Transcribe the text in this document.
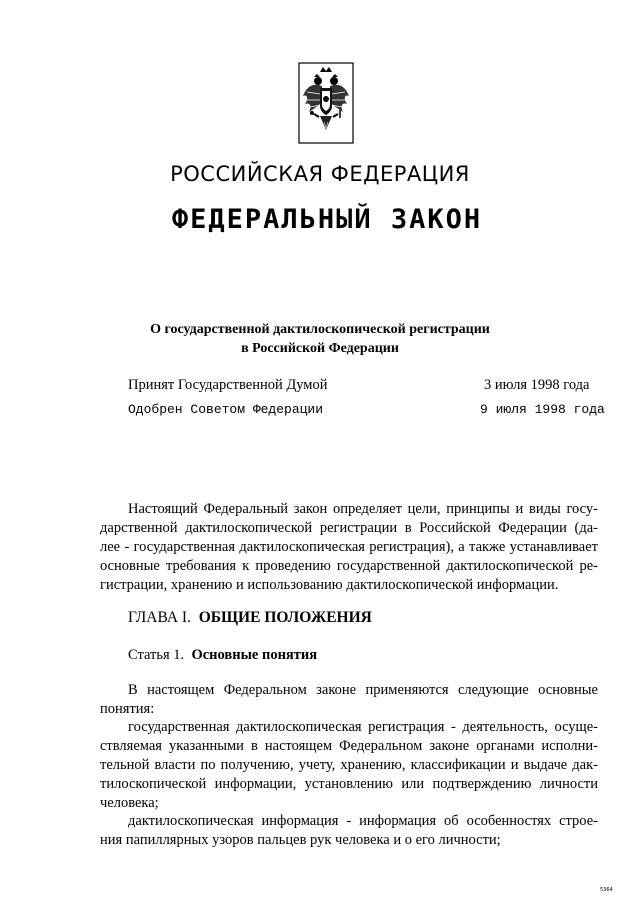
РОССИЙСКАЯ ФЕДЕРАЦИЯ
ФЕДЕРАЛЬНЫЙ ЗАКОН
О государственной дактилоскопической регистрации
в Российской Федерации
Принят Государственной Думой	3 июля 1998 года
Одобрен Советом Федерации	9 июля 1998 года
Настоящий Федеральный закон определяет цели, принципы и виды госу-
дарственной дактилоскопической регистрации в Российской Федерации (да-
лее - государственная дактилоскопическая регистрация), а также устанавливает
основные требования к проведению государственной дактилоскопической ре-
гистрации, хранению и использованию дактилоскопической информации.
ГЛАВА I. ОБЩИЕ ПОЛОЖЕНИЯ
Статья 1. Основные понятия
В настоящем Федеральном законе применяются следующие основные
понятия:
государственная дактилоскопическая регистрация - деятельность, осуще-
ствляемая указанными в настоящем Федеральном законе органами исполни-
тельной власти по получению, учету, хранению, классификации и выдаче дак-
тилоскопической информации, установлению или подтверждению личности
человека;
дактилоскопическая информация - информация об особенностях строе-
ния папиллярных узоров пальцев рук человека и о его личности;
5364
